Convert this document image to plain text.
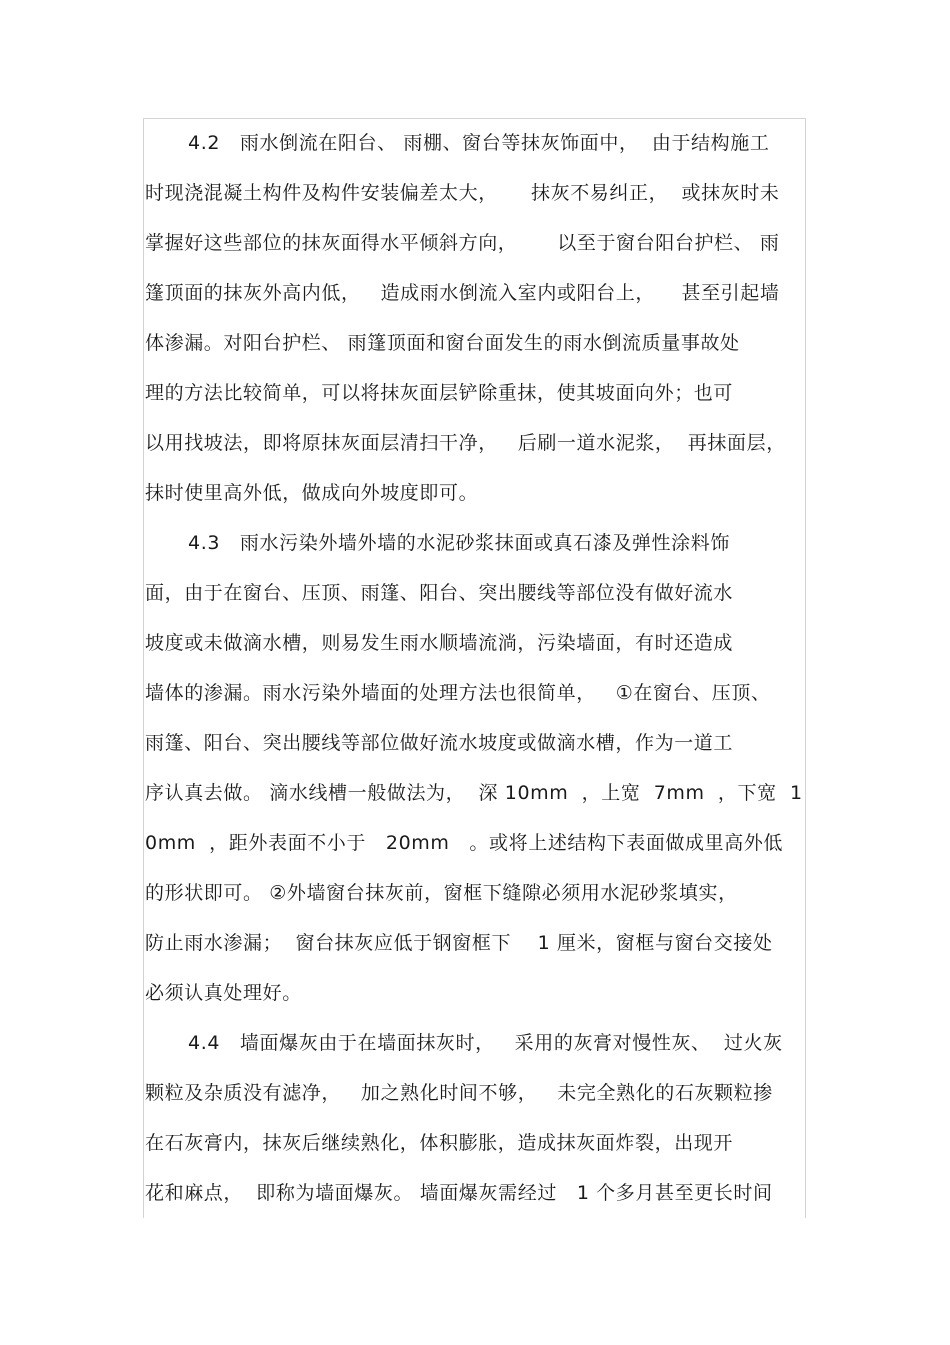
4.2   雨水倒流在阳台、 雨棚、窗台等抹灰饰面中，  由于结构施工
时现浇混凝土构件及构件安装偏差太大，     抹灰不易纠正，  或抹灰时未
掌握好这些部位的抹灰面得水平倾斜方向，      以至于窗台阳台护栏、 雨
篷顶面的抹灰外高内低，   造成雨水倒流入室内或阳台上，    甚至引起墙
体渗漏。对阳台护栏、 雨篷顶面和窗台面发生的雨水倒流质量事故处
理的方法比较简单，可以将抹灰面层铲除重抹，使其坡面向外；也可
以用找坡法，即将原抹灰面层清扫干净，   后刷一道水泥浆，  再抹面层，
抹时使里高外低，做成向外坡度即可。
4.3   雨水污染外墙外墙的水泥砂浆抹面或真石漆及弹性涂料饰
面，由于在窗台、压顶、雨篷、阳台、突出腰线等部位没有做好流水
坡度或未做滴水槽，则易发生雨水顺墙流淌，污染墙面，有时还造成
墙体的渗漏。雨水污染外墙面的处理方法也很简单，   ①在窗台、压顶、
雨篷、阳台、突出腰线等部位做好流水坡度或做滴水槽，作为一道工
序认真去做。 滴水线槽一般做法为，  深 10mm  ，上宽  7mm  ，下宽  1
0mm  ，距外表面不小于   20mm   。或将上述结构下表面做成里高外低
的形状即可。 ②外墙窗台抹灰前，窗框下缝隙必须用水泥砂浆填实，
防止雨水渗漏；  窗台抹灰应低于钢窗框下    1 厘米，窗框与窗台交接处
必须认真处理好。
4.4   墙面爆灰由于在墙面抹灰时，   采用的灰膏对慢性灰、  过火灰
颗粒及杂质没有滤净，   加之熟化时间不够，   未完全熟化的石灰颗粒掺
在石灰膏内，抹灰后继续熟化，体积膨胀，造成抹灰面炸裂，出现开
花和麻点，  即称为墙面爆灰。 墙面爆灰需经过   1 个多月甚至更长时间
